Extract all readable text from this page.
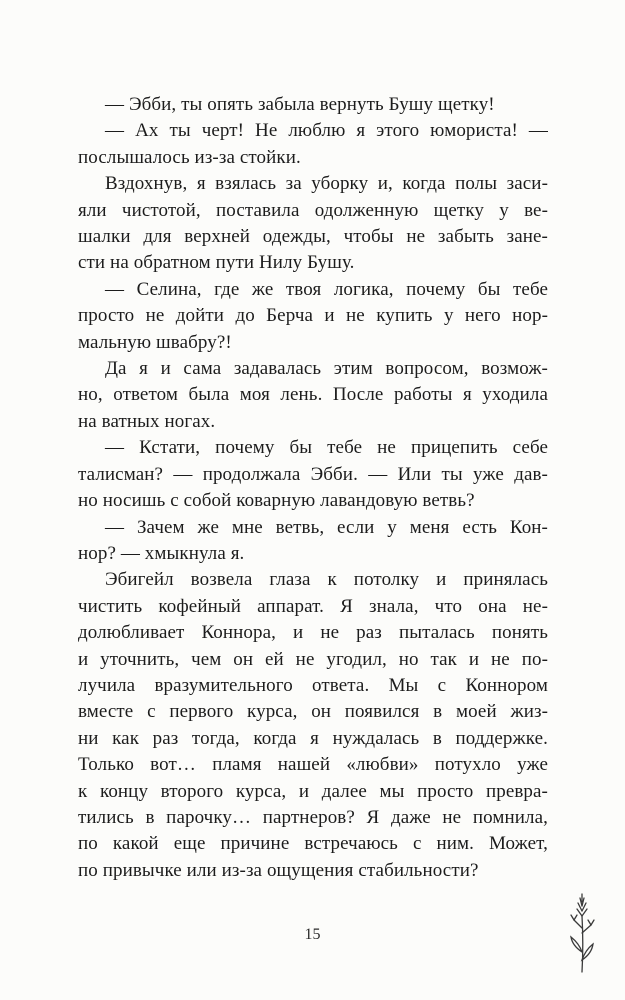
— Эбби, ты опять забыла вернуть Бушу щетку!
— Ах ты черт! Не люблю я этого юмориста! —
послышалось из-за стойки.
Вздохнув, я взялась за уборку и, когда полы заси-
яли чистотой, поставила одолженную щетку у ве-
шалки для верхней одежды, чтобы не забыть зане-
сти на обратном пути Нилу Бушу.
— Селина, где же твоя логика, почему бы тебе
просто не дойти до Берча и не купить у него нор-
мальную швабру?!
Да я и сама задавалась этим вопросом, возмож-
но, ответом была моя лень. После работы я уходила
на ватных ногах.
— Кстати, почему бы тебе не прицепить себе
талисман? — продолжала Эбби. — Или ты уже дав-
но носишь с собой коварную лавандовую ветвь?
— Зачем же мне ветвь, если у меня есть Кон-
нор? — хмыкнула я.
Эбигейл возвела глаза к потолку и принялась
чистить кофейный аппарат. Я знала, что она не-
долюбливает Коннора, и не раз пыталась понять
и уточнить, чем он ей не угодил, но так и не по-
лучила вразумительного ответа. Мы с Коннором
вместе с первого курса, он появился в моей жиз-
ни как раз тогда, когда я нуждалась в поддержке.
Только вот… пламя нашей «любви» потухло уже
к концу второго курса, и далее мы просто превра-
тились в парочку… партнеров? Я даже не помнила,
по какой еще причине встречаюсь с ним. Может,
по привычке или из-за ощущения стабильности?
15
